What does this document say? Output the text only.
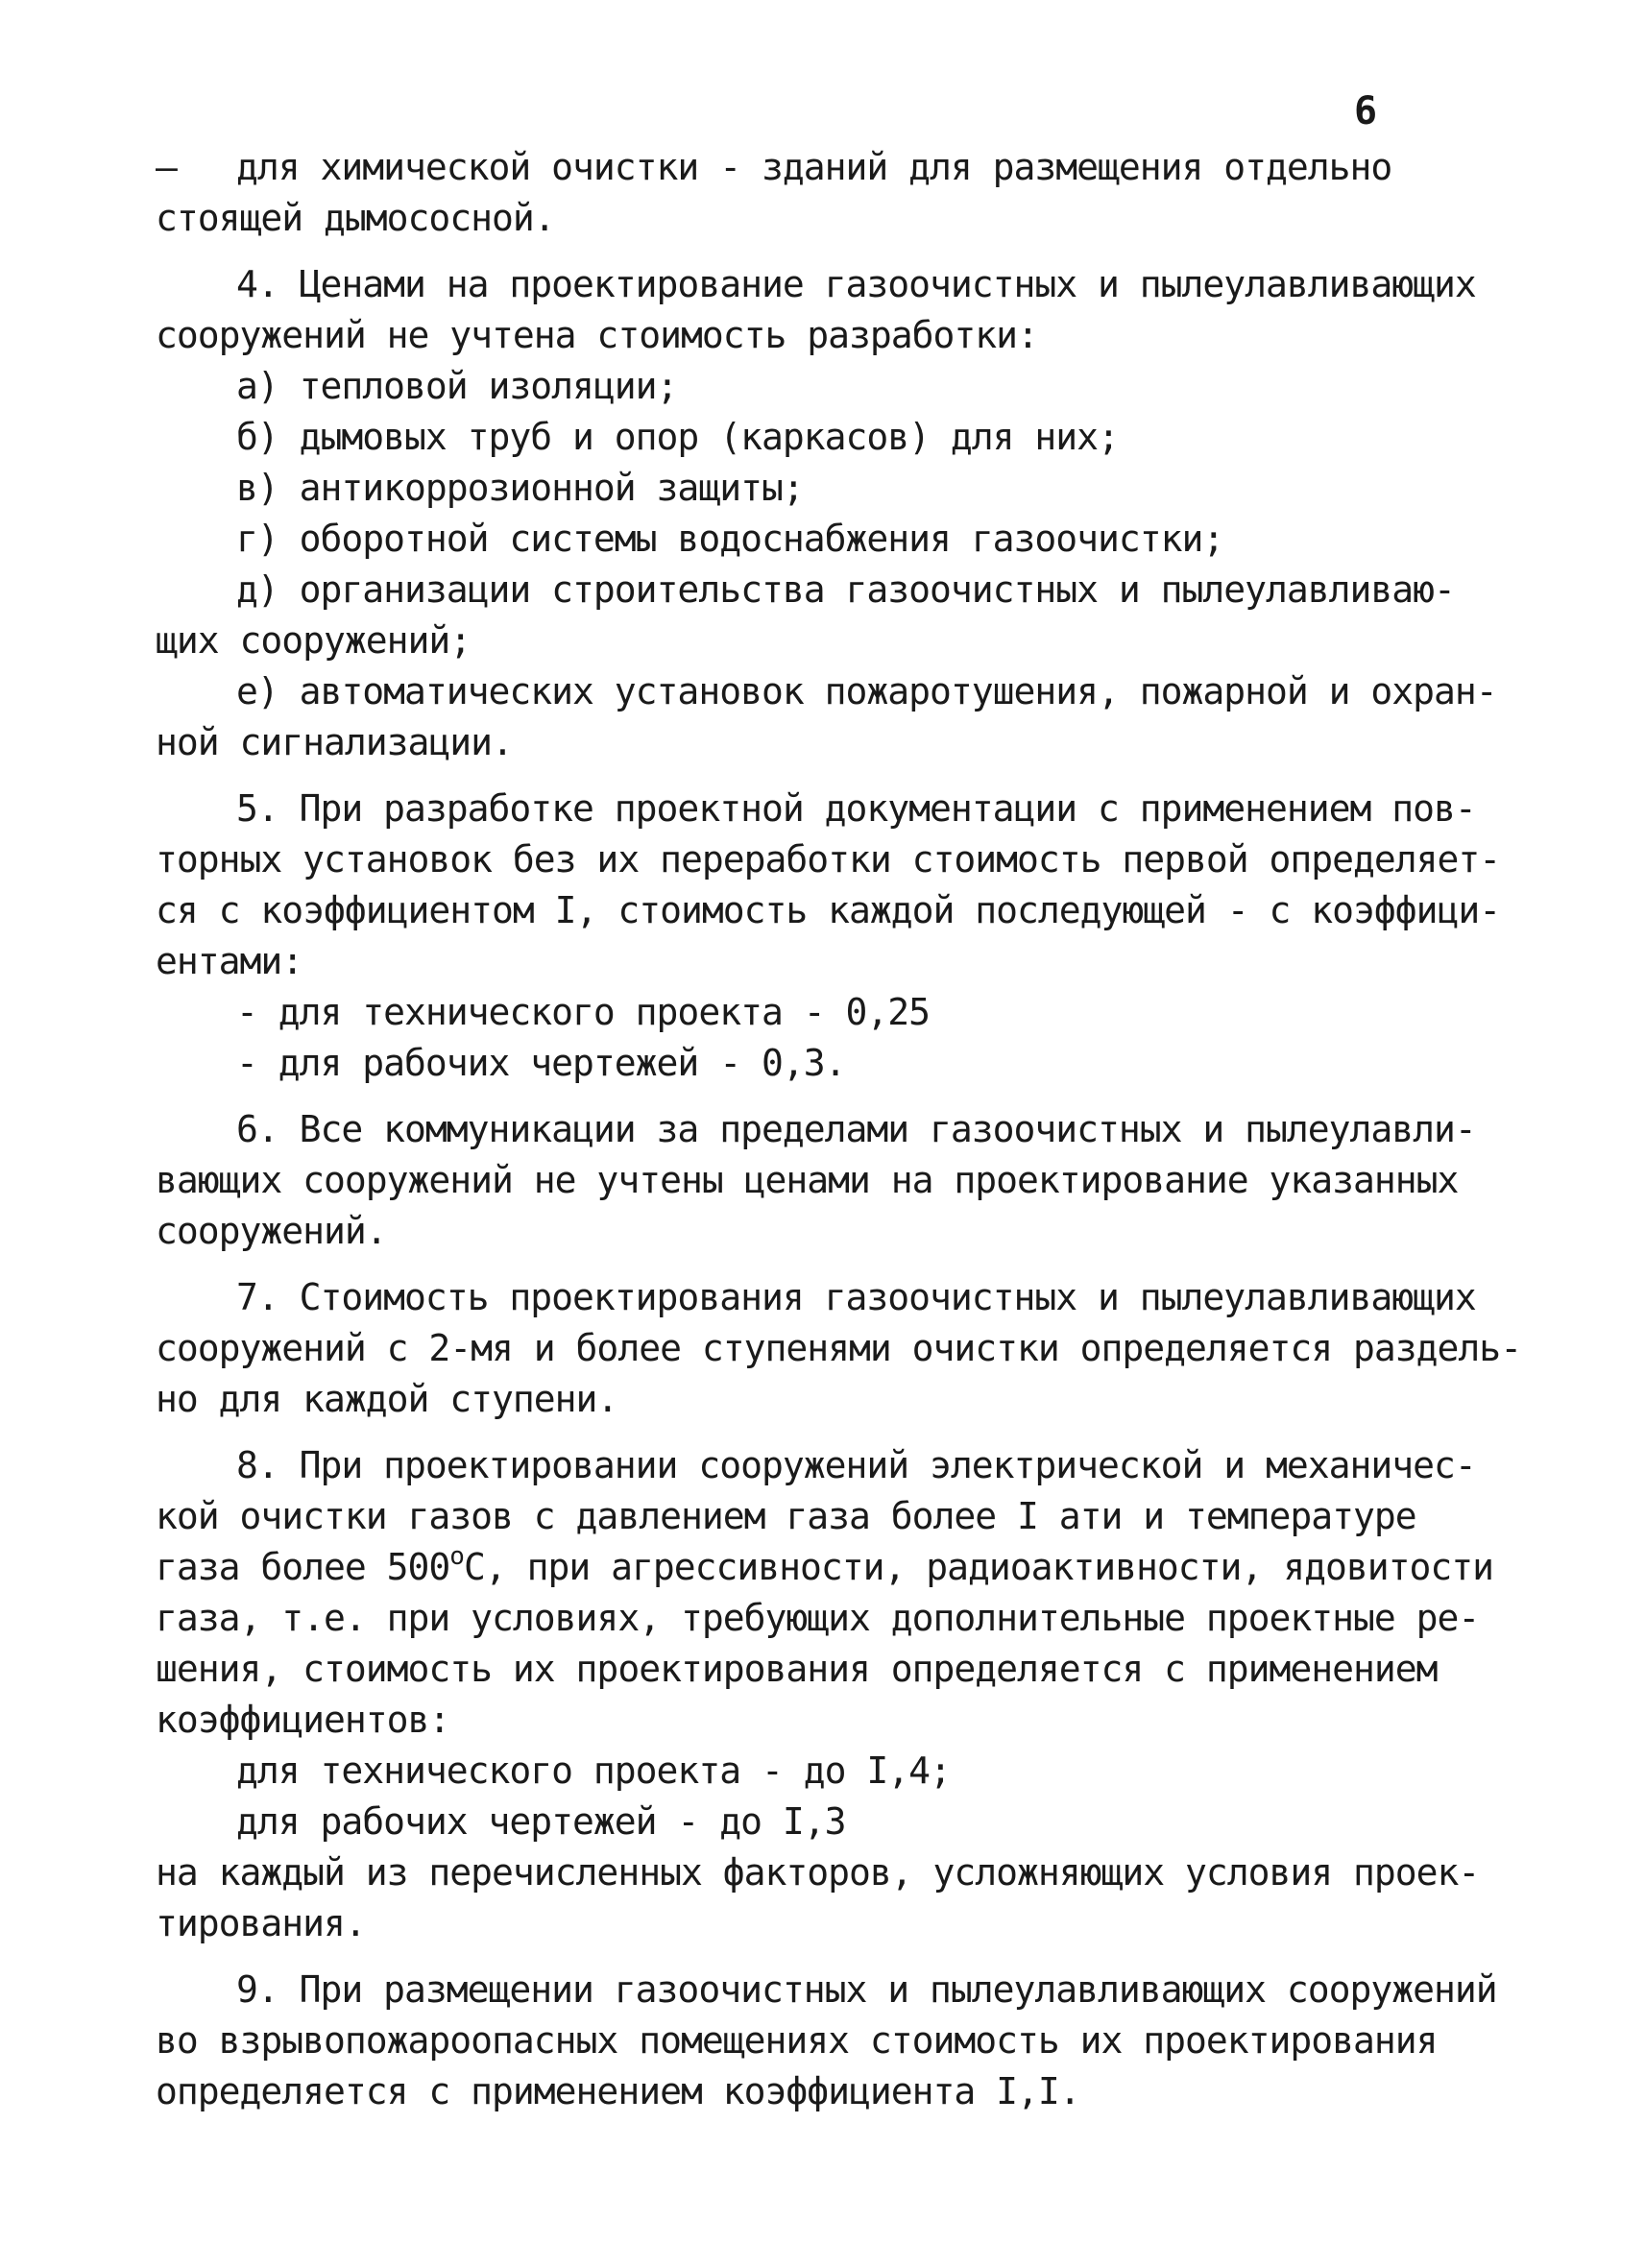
6
– для химической очистки - зданий для размещения отдельно
стоящей дымососной.
4. Ценами на проектирование газоочистных и пылеулавливающих
сооружений не учтена стоимость разработки:
а) тепловой изоляции;
б) дымовых труб и опор (каркасов) для них;
в) антикоррозионной защиты;
г) оборотной системы водоснабжения газоочистки;
д) организации строительства газоочистных и пылеулавливаю-
щих сооружений;
е) автоматических установок пожаротушения, пожарной и охран-
ной сигнализации.
5. При разработке проектной документации с применением пов-
торных установок без их переработки стоимость первой определяет-
ся с коэффициентом I, стоимость каждой последующей - с коэффици-
ентами:
- для технического проекта - 0,25
- для рабочих чертежей - 0,3.
6. Все коммуникации за пределами газоочистных и пылеулавли-
вающих сооружений не учтены ценами на проектирование указанных
сооружений.
7. Стоимость проектирования газоочистных и пылеулавливающих
сооружений с 2-мя и более ступенями очистки определяется раздель-
но для каждой ступени.
8. При проектировании сооружений электрической и механичес-
кой очистки газов с давлением газа более I ати и температуре
газа более $500^оС$, при агрессивности, радиоактивности, ядовитости
газа, т.е. при условиях, требующих дополнительные проектные ре-
шения, стоимость их проектирования определяется с применением
коэффициентов:
для технического проекта - до I,4;
для рабочих чертежей - до I,3
на каждый из перечисленных факторов, усложняющих условия проек-
тирования.
9. При размещении газоочистных и пылеулавливающих сооружений
во взрывопожароопасных помещениях стоимость их проектирования
определяется с применением коэффициента I,I.
